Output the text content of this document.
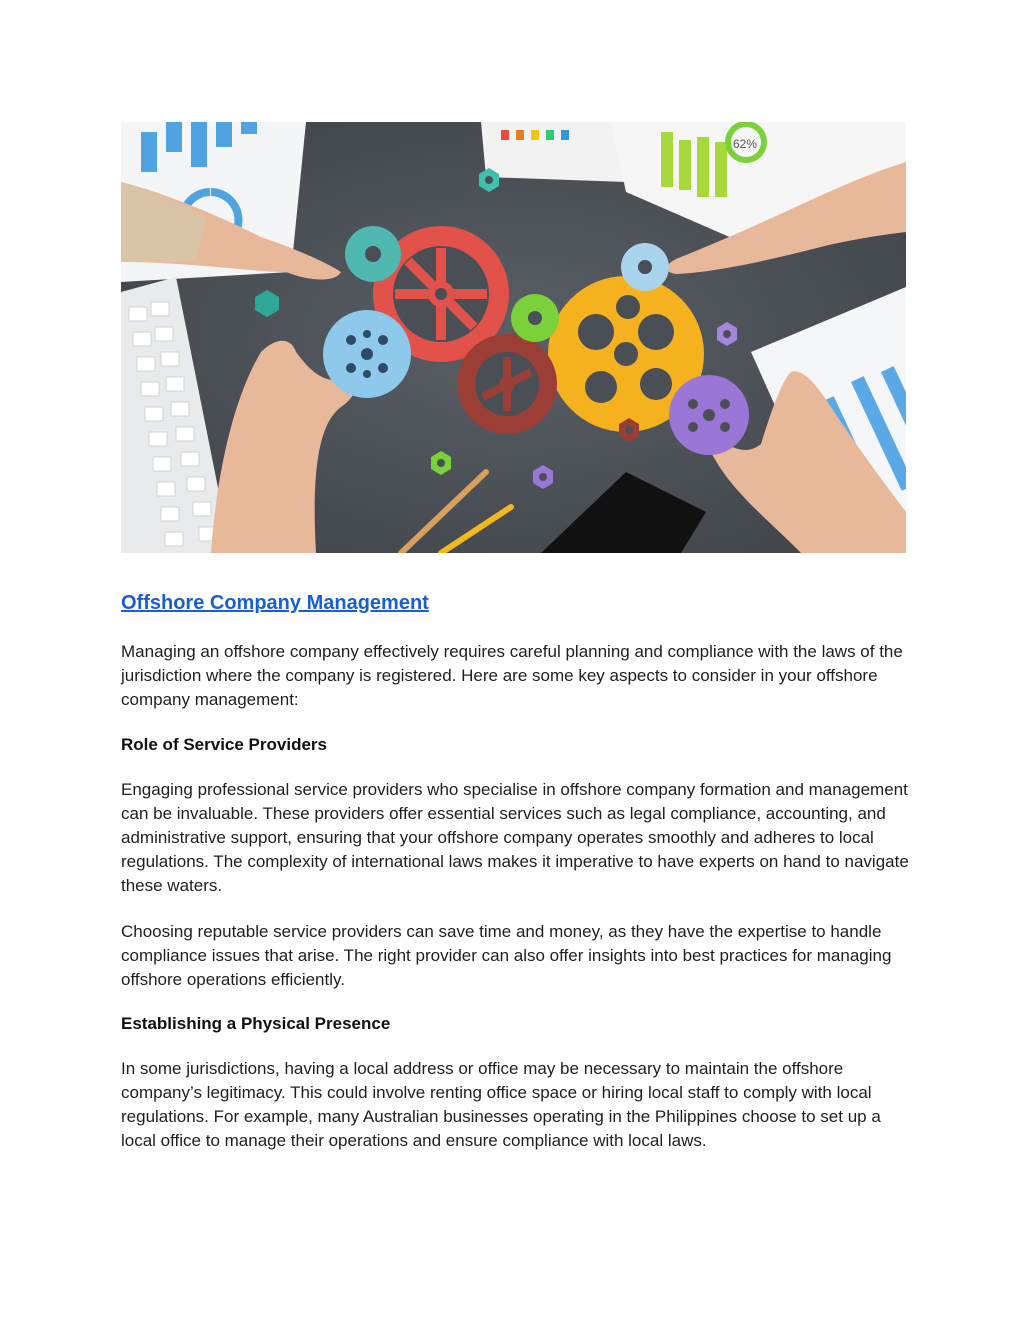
62%
Offshore Company Management

Managing an offshore company effectively requires careful planning and compliance with the laws of the jurisdiction where the company is registered. Here are some key aspects to consider in your offshore company management:

Role of Service Providers

Engaging professional service providers who specialise in offshore company formation and management can be invaluable. These providers offer essential services such as legal compliance, accounting, and administrative support, ensuring that your offshore company operates smoothly and adheres to local regulations. The complexity of international laws makes it imperative to have experts on hand to navigate these waters.

Choosing reputable service providers can save time and money, as they have the expertise to handle compliance issues that arise. The right provider can also offer insights into best practices for managing offshore operations efficiently.

Establishing a Physical Presence

In some jurisdictions, having a local address or office may be necessary to maintain the offshore company’s legitimacy. This could involve renting office space or hiring local staff to comply with local regulations. For example, many Australian businesses operating in the Philippines choose to set up a local office to manage their operations and ensure compliance with local laws.
